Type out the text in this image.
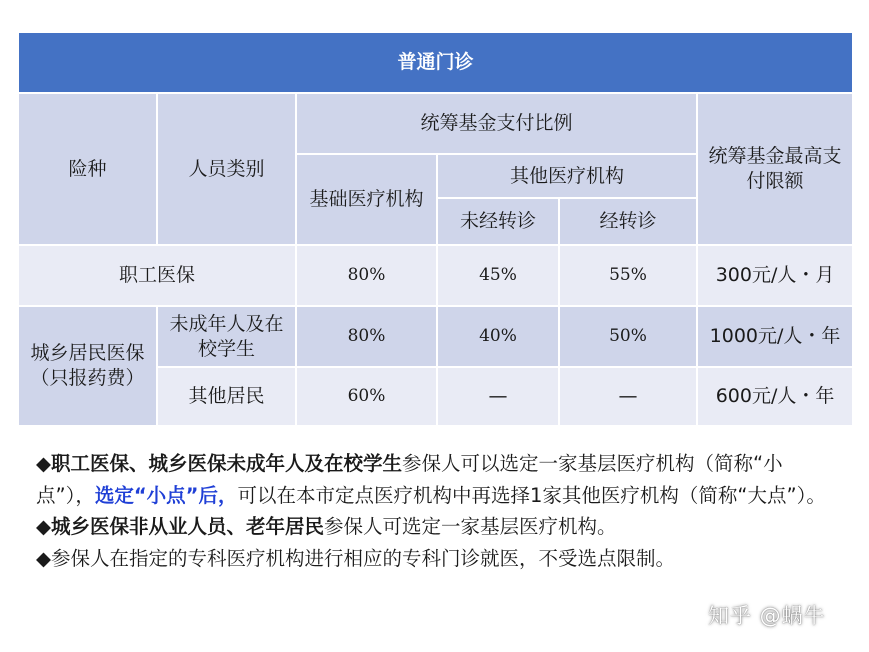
普通门诊					
险种	人员类别	统筹基金支付比例			统筹基金最高支付限额
		基础医疗机构	其他医疗机构		
			未经转诊	经转诊	
职工医保		80%	45%	55%	300元/人・月
城乡居民医保（只报药费）	未成年人及在校学生	80%	40%	50%	1000元/人・年
	其他居民	60%	—	—	600元/人・年

◆职工医保、城乡医保未成年人及在校学生参保人可以选定一家基层医疗机构（简称“小点”），选定“小点”后，可以在本市定点医疗机构中再选择1家其他医疗机构（简称“大点”）。

◆城乡医保非从业人员、老年居民参保人可选定一家基层医疗机构。

◆参保人在指定的专科医疗机构进行相应的专科门诊就医，不受选点限制。

知乎 @蜗牛
